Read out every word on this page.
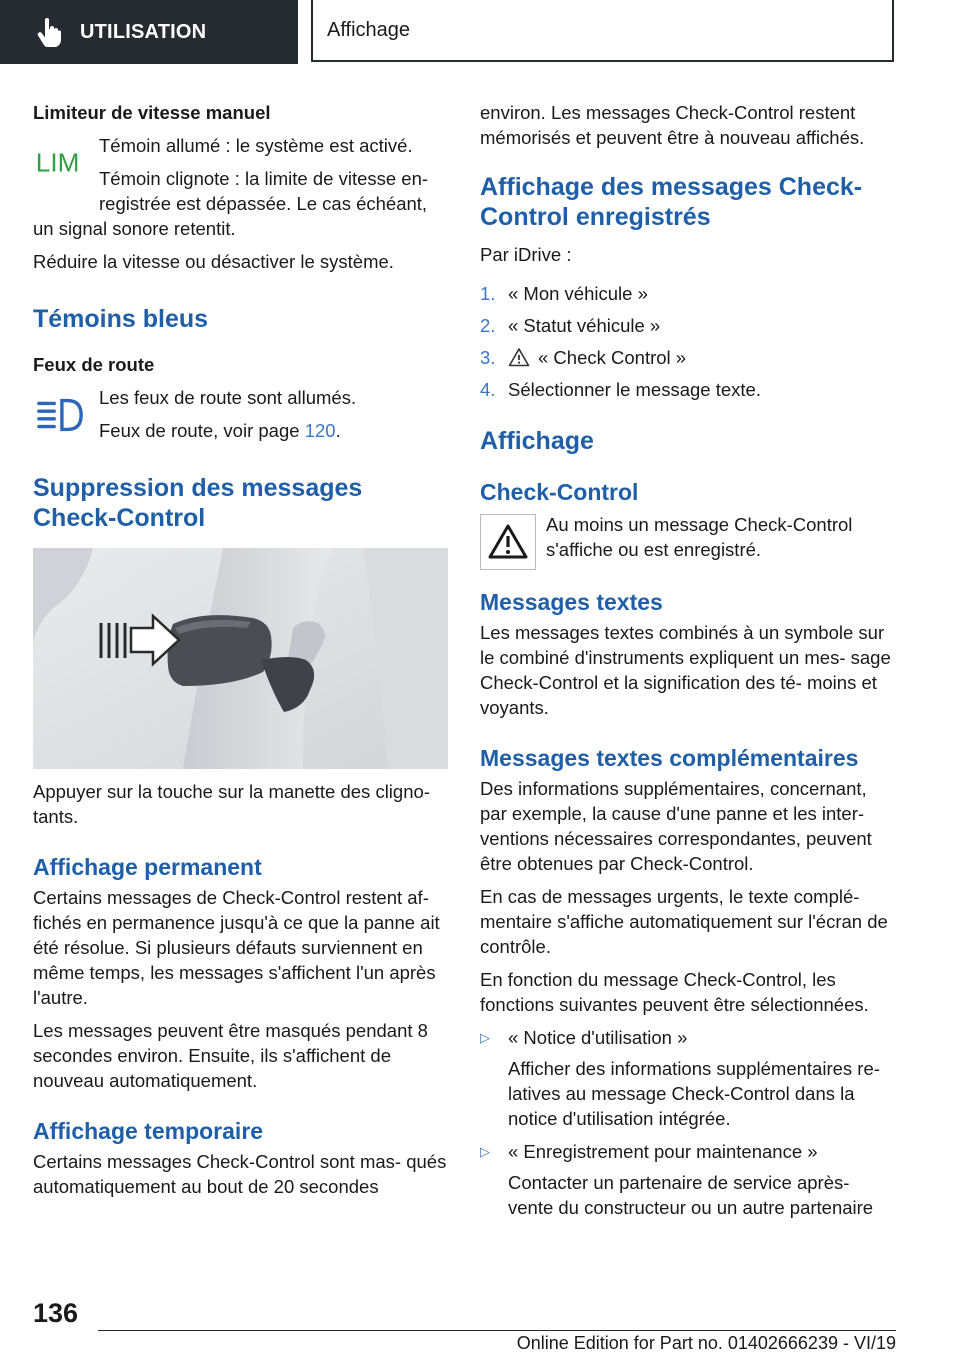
UTILISATION	Affichage

Limiteur de vitesse manuel

LIM

Témoin allumé : le système est activé.

Témoin clignote : la limite de vitesse en‐

registrée est dépassée. Le cas échéant,

un signal sonore retentit.

Réduire la vitesse ou désactiver le système.

Témoins bleus

Feux de route

Les feux de route sont allumés.

Feux de route, voir page 120.

Suppression des messages

Check-Control

Appuyer sur la touche sur la manette des cligno‐ tants.

Affichage permanent

Certains messages de Check-Control restent af‐ fichés en permanence jusqu'à ce que la panne ait été résolue. Si plusieurs défauts surviennent en même temps, les messages s'affichent l'un après l'autre.

Les messages peuvent être masqués pendant 8 secondes environ. Ensuite, ils s'affichent de nouveau automatiquement.

Affichage temporaire

Certains messages Check-Control sont mas‐ qués automatiquement au bout de 20 secondes

environ. Les messages Check-Control restent mémorisés et peuvent être à nouveau affichés.

Affichage des messages Check-

Control enregistrés

Par iDrive :

1. « Mon véhicule »
2. « Statut véhicule »
3.	« Check Control »
4. Sélectionner le message texte.

Affichage

Check-Control

Au moins un message Check-Control s'affiche ou est enregistré.

Messages textes

Les messages textes combinés à un symbole sur le combiné d'instruments expliquent un mes‐ sage Check-Control et la signification des té‐ moins et voyants.

Messages textes complémentaires

Des informations supplémentaires, concernant, par exemple, la cause d'une panne et les inter‐ ventions nécessaires correspondantes, peuvent être obtenues par Check-Control.

En cas de messages urgents, le texte complé‐ mentaire s'affiche automatiquement sur l'écran de contrôle.

En fonction du message Check-Control, les fonctions suivantes peuvent être sélectionnées.

▷ « Notice d'utilisation »

Afficher des informations supplémentaires re‐ latives au message Check-Control dans la notice d'utilisation intégrée.

▷ « Enregistrement pour maintenance »

Contacter un partenaire de service après- vente du constructeur ou un autre partenaire

136
Online Edition for Part no. 01402666239 - VI/19
